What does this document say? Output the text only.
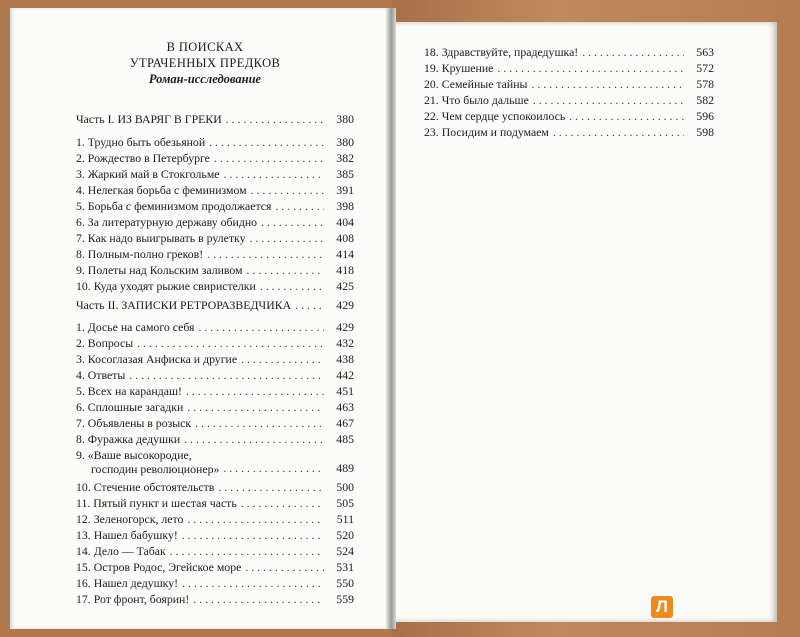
В ПОИСКАХ
УТРАЧЕННЫХ ПРЕДКОВ
Роман-исследование
Часть I. ИЗ ВАРЯГ В ГРЕКИ . . .	380
1. Трудно быть обезьяной . . .	380
2. Рождество в Петербурге . . .	382
3. Жаркий май в Стокгольме . . .	385
4. Нелегкая борьба с феминизмом . . .	391
5. Борьба с феминизмом продолжается . . .	398
6. За литературную державу обидно . . .	404
7. Как надо выигрывать в рулетку . . .	408
8. Полным-полно греков! . . .	414
9. Полеты над Кольским заливом . . .	418
10. Куда уходят рыжие свиристелки . . .	425
Часть II. ЗАПИСКИ РЕТРОРАЗВЕДЧИКА . . .	429
1. Досье на самого себя . . .	429
2. Вопросы . . .	432
3. Косоглазая Анфиска и другие . . .	438
4. Ответы . . .	442
5. Всех на карандаш! . . .	451
6. Сплошные загадки . . .	463
7. Объявлены в розыск . . .	467
8. Фуражка дедушки . . .	485
9. «Ваше высокородие,
господин революционер» . . .	489
10. Стечение обстоятельств . . .	500
11. Пятый пункт и шестая часть . . .	505
12. Зеленогорск, лето . . .	511
13. Нашел бабушку! . . .	520
14. Дело — Табак . . .	524
15. Остров Родос, Эгейское море . . .	531
16. Нашел дедушку! . . .	550
17. Рот фронт, боярин! . . .	559
18. Здравствуйте, прадедушка! . . .	563
19. Крушение . . .	572
20. Семейные тайны . . .	578
21. Что было дальше . . .	582
22. Чем сердце успокоилось . . .	596
23. Посидим и подумаем . . .	598
Л
